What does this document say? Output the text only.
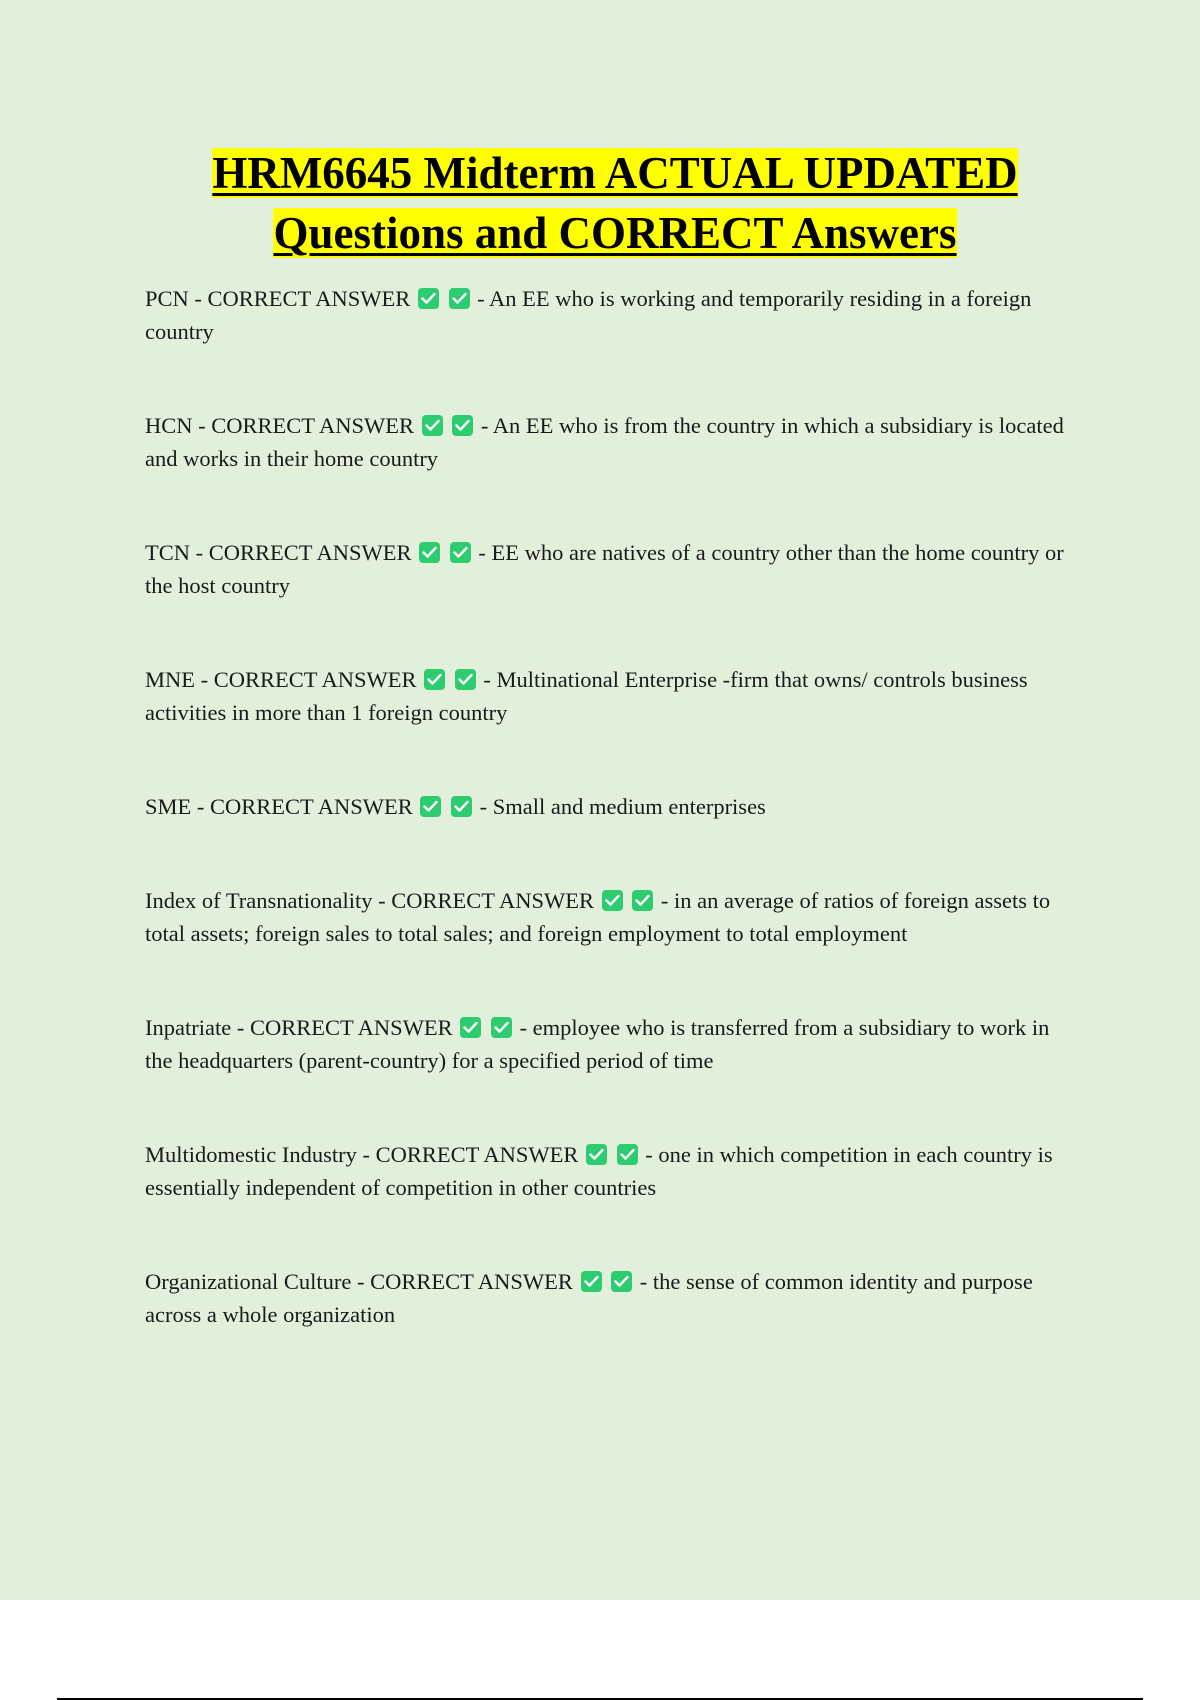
HRM6645 Midterm ACTUAL UPDATED
Questions and CORRECT Answers
PCN - CORRECT ANSWER
	- An EE who is working and temporarily residing in a foreign country
HCN - CORRECT ANSWER
	- An EE who is from the country in which a subsidiary is located and works in their home country
TCN - CORRECT ANSWER
	- EE who are natives of a country other than the home country or the host country
MNE - CORRECT ANSWER
	- Multinational Enterprise -firm that owns/ controls business activities in more than 1 foreign country
SME - CORRECT ANSWER
	- Small and medium enterprises
Index of Transnationality - CORRECT ANSWER
	- in an average of ratios of foreign assets to total assets; foreign sales to total sales; and foreign employment to total employment
Inpatriate - CORRECT ANSWER
	- employee who is transferred from a subsidiary to work in the headquarters (parent-country) for a specified period of time
Multidomestic Industry - CORRECT ANSWER
	- one in which competition in each country is essentially independent of competition in other countries
Organizational Culture - CORRECT ANSWER
	- the sense of common identity and purpose across a whole organization
